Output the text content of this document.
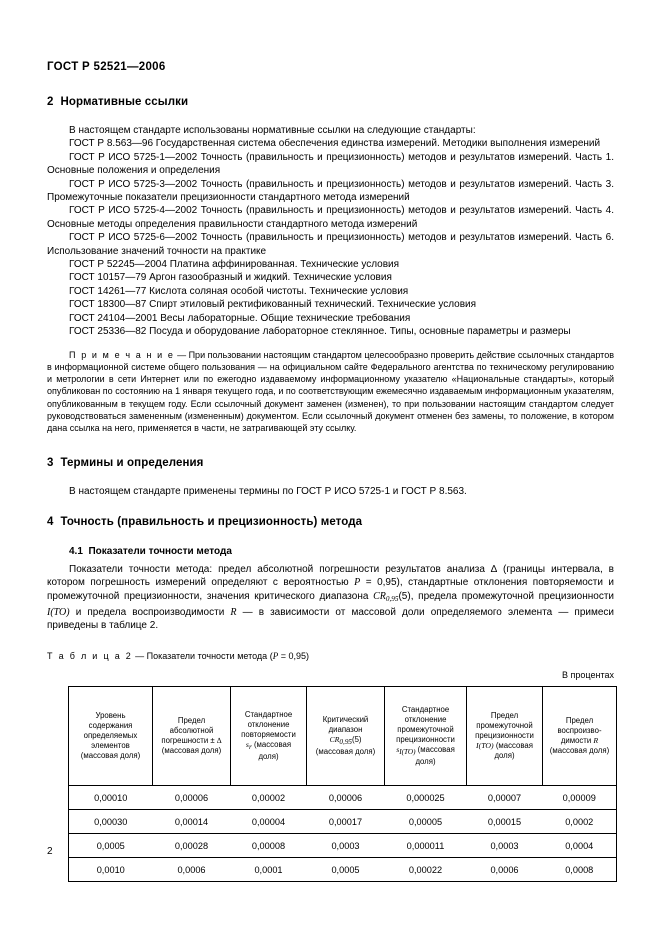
ГОСТ Р 52521—2006
2 Нормативные ссылки

В настоящем стандарте использованы нормативные ссылки на следующие стандарты:

ГОСТ Р 8.563—96 Государственная система обеспечения единства измерений. Методики выполнения измерений

ГОСТ Р ИСО 5725-1—2002 Точность (правильность и прецизионность) методов и результатов измерений. Часть 1. Основные положения и определения

ГОСТ Р ИСО 5725-3—2002 Точность (правильность и прецизионность) методов и результатов измерений. Часть 3. Промежуточные показатели прецизионности стандартного метода измерений

ГОСТ Р ИСО 5725-4—2002 Точность (правильность и прецизионность) методов и результатов измерений. Часть 4. Основные методы определения правильности стандартного метода измерений

ГОСТ Р ИСО 5725-6—2002 Точность (правильность и прецизионность) методов и результатов измерений. Часть 6. Использование значений точности на практике

ГОСТ Р 52245—2004 Платина аффинированная. Технические условия

ГОСТ 10157—79 Аргон газообразный и жидкий. Технические условия

ГОСТ 14261—77 Кислота соляная особой чистоты. Технические условия

ГОСТ 18300—87 Спирт этиловый ректификованный технический. Технические условия

ГОСТ 24104—2001 Весы лабораторные. Общие технические требования

ГОСТ 25336—82 Посуда и оборудование лабораторное стеклянное. Типы, основные параметры и размеры

П р и м е ч а н и е — При пользовании настоящим стандартом целесообразно проверить действие ссылочных стандартов в информационной системе общего пользования — на официальном сайте Федерального агентства по техническому регулированию и метрологии в сети Интернет или по ежегодно издаваемому информационному указателю «Национальные стандарты», который опубликован по состоянию на 1 января текущего года, и по соответствующим ежемесячно издаваемым информационным указателям, опубликованным в текущем году. Если ссылочный документ заменен (изменен), то при пользовании настоящим стандартом следует руководствоваться замененным (измененным) документом. Если ссылочный документ отменен без замены, то положение, в котором дана ссылка на него, применяется в части, не затрагивающей эту ссылку.

3 Термины и определения

В настоящем стандарте применены термины по ГОСТ Р ИСО 5725-1 и ГОСТ Р 8.563.

4 Точность (правильность и прецизионность) метода
4.1 Показатели точности метода

Показатели точности метода: предел абсолютной погрешности результатов анализа ∆ (границы интервала, в котором погрешность измерений определяют с вероятностью P = 0,95), стандартные отклонения повторяемости и промежуточной прецизионности, значения критического диапазона $CR_{0,95}(5)$, предела промежуточной прецизионности I(TO) и предела воспроизводимости R — в зависимости от массовой доли определяемого элемента — примеси приведены в таблице 2.

Т а б л и ц а 2 — Показатели точности метода (P = 0,95)
В процентах
Уровень
содержания
определяемых
элементов
(массовая доля)

Предел
абсолютной
погрешности ± ∆
(массовая доля)

Стандартное
отклонение
повторяемости
sr (массовая
доля)

Критический
диапазон
CR0,95(5)
(массовая доля)

Стандартное
отклонение
промежуточной
прецизионности
sI(TO) (массовая
доля)

Предел
промежуточной
прецизионности
I(TO) (массовая
доля)

Предел
воспроизво-
димости R
(массовая доля)

0,00010	0,00006	0,00002	0,00006	0,000025	0,00007	0,00009
0,00030	0,00014	0,00004	0,00017	0,00005	0,00015	0,0002
0,0005	0,00028	0,00008	0,0003	0,000011	0,0003	0,0004
0,0010	0,0006	0,0001	0,0005	0,00022	0,0006	0,0008
2
